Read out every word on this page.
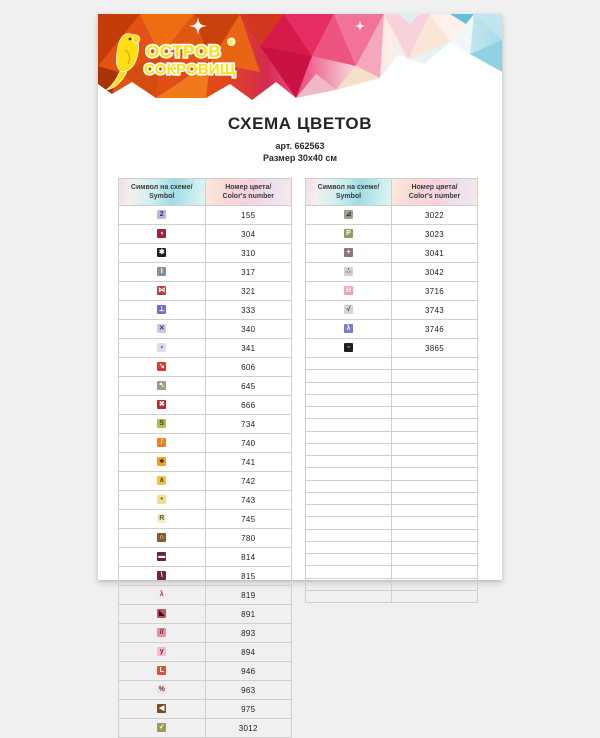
ОСТРОВ ®
СОКРОВИЩ
СХЕМА ЦВЕТОВ
арт. 662563
Размер 30х40 см
Символ на схеме/
Symbol	Номер цвета/
Color's number

2	155
◖	304
✱	310
I	317
⋈	321
⊥	333
✕	340
◖	341
↘	606
↖	645
✖	666
S	734
/	740
♣	741
∧	742
•	743
R	745
∩	780
▬	814
\	815
λ	819
◣	891
//	893
y	894
L	946
%	963
◀	975
✓	3012
Символ на схеме/
Symbol	Номер цвета/
Color's number

⊿	3022
P	3023
+	3041
∴	3042
H	3716
√	3743
λ	3746
▫	3865
